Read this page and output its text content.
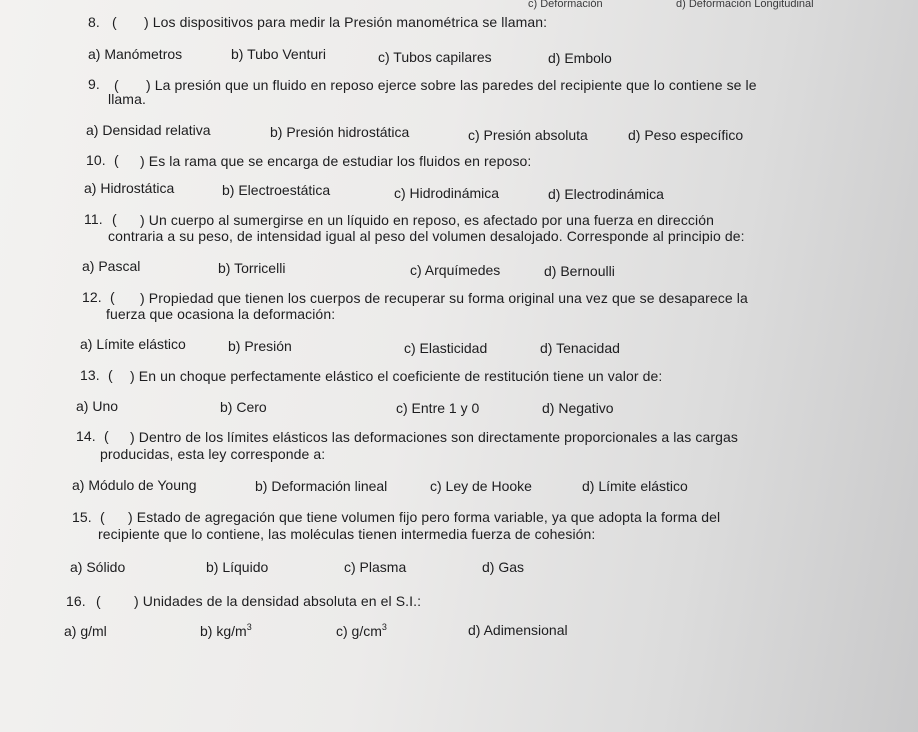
c) Deformación	d) Deformación Longitudinal
8. ( ) Los dispositivos para medir la Presión manométrica se llaman:
a) Manómetros	b) Tubo Venturi	c) Tubos capilares	d) Embolo
9. ( ) La presión que un fluido en reposo ejerce sobre las paredes del recipiente que lo contiene se le
llama.
a) Densidad relativa	b) Presión hidrostática	c) Presión absoluta	d) Peso específico
10. ( ) Es la rama que se encarga de estudiar los fluidos en reposo:
a) Hidrostática	b) Electroestática	c) Hidrodinámica	d) Electrodinámica
11. ( ) Un cuerpo al sumergirse en un líquido en reposo, es afectado por una fuerza en dirección
contraria a su peso, de intensidad igual al peso del volumen desalojado. Corresponde al principio de:
a) Pascal	b) Torricelli	c) Arquímedes	d) Bernoulli
12. ( ) Propiedad que tienen los cuerpos de recuperar su forma original una vez que se desaparece la
fuerza que ocasiona la deformación:
a) Límite elástico	b) Presión	c) Elasticidad	d) Tenacidad
13. ( ) En un choque perfectamente elástico el coeficiente de restitución tiene un valor de:
a) Uno	b) Cero	c) Entre 1 y 0	d) Negativo
14. ( ) Dentro de los límites elásticos las deformaciones son directamente proporcionales a las cargas
producidas, esta ley corresponde a:
a) Módulo de Young	b) Deformación lineal	c) Ley de Hooke	d) Límite elástico
15. ( ) Estado de agregación que tiene volumen fijo pero forma variable, ya que adopta la forma del
recipiente que lo contiene, las moléculas tienen intermedia fuerza de cohesión:
a) Sólido	b) Líquido	c) Plasma	d) Gas
16. ( ) Unidades de la densidad absoluta en el S.I.:
a) g/ml	b) $kg/m^3$	c) $g/cm^3$	d) Adimensional
